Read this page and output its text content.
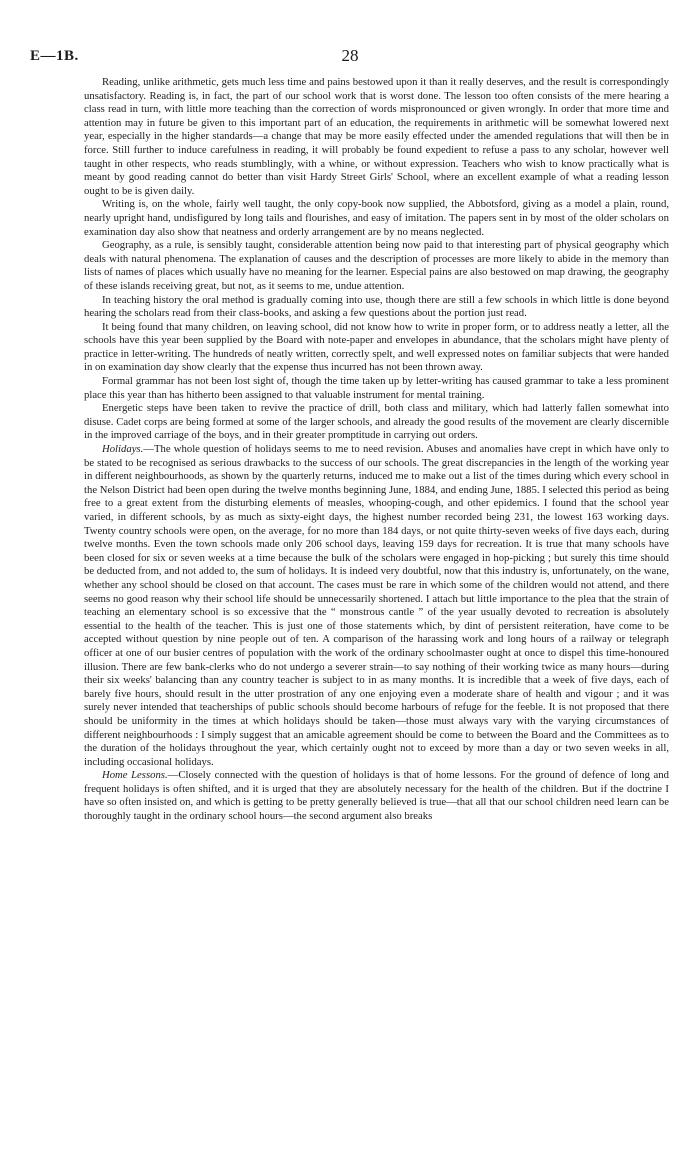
E—1B.	28

Reading, unlike arithmetic, gets much less time and pains bestowed upon it than it really deserves, and the result is correspondingly unsatisfactory. Reading is, in fact, the part of our school work that is worst done. The lesson too often consists of the mere hearing a class read in turn, with little more teaching than the correction of words mispronounced or given wrongly. In order that more time and attention may in future be given to this important part of an education, the requirements in arithmetic will be somewhat lowered next year, especially in the higher standards—a change that may be more easily effected under the amended regulations that will then be in force. Still further to induce carefulness in reading, it will probably be found expedient to refuse a pass to any scholar, however well taught in other respects, who reads stumblingly, with a whine, or without expression. Teachers who wish to know practically what is meant by good reading cannot do better than visit Hardy Street Girls' School, where an excellent example of what a reading lesson ought to be is given daily.

Writing is, on the whole, fairly well taught, the only copy-book now supplied, the Abbotsford, giving as a model a plain, round, nearly upright hand, undisfigured by long tails and flourishes, and easy of imitation. The papers sent in by most of the older scholars on examination day also show that neatness and orderly arrangement are by no means neglected.

Geography, as a rule, is sensibly taught, considerable attention being now paid to that interesting part of physical geography which deals with natural phenomena. The explanation of causes and the description of processes are more likely to abide in the memory than lists of names of places which usually have no meaning for the learner. Especial pains are also bestowed on map drawing, the geography of these islands receiving great, but not, as it seems to me, undue attention.

In teaching history the oral method is gradually coming into use, though there are still a few schools in which little is done beyond hearing the scholars read from their class-books, and asking a few questions about the portion just read.

It being found that many children, on leaving school, did not know how to write in proper form, or to address neatly a letter, all the schools have this year been supplied by the Board with note-paper and envelopes in abundance, that the scholars might have plenty of practice in letter-writing. The hundreds of neatly written, correctly spelt, and well expressed notes on familiar subjects that were handed in on examination day show clearly that the expense thus incurred has not been thrown away.

Formal grammar has not been lost sight of, though the time taken up by letter-writing has caused grammar to take a less prominent place this year than has hitherto been assigned to that valuable instrument for mental training.

Energetic steps have been taken to revive the practice of drill, both class and military, which had latterly fallen somewhat into disuse. Cadet corps are being formed at some of the larger schools, and already the good results of the movement are clearly discernible in the improved carriage of the boys, and in their greater promptitude in carrying out orders.

Holidays.—The whole question of holidays seems to me to need revision. Abuses and anomalies have crept in which have only to be stated to be recognised as serious drawbacks to the success of our schools. The great discrepancies in the length of the working year in different neighbourhoods, as shown by the quarterly returns, induced me to make out a list of the times during which every school in the Nelson District had been open during the twelve months beginning June, 1884, and ending June, 1885. I selected this period as being free to a great extent from the disturbing elements of measles, whooping-cough, and other epidemics. I found that the school year varied, in different schools, by as much as sixty-eight days, the highest number recorded being 231, the lowest 163 working days. Twenty country schools were open, on the average, for no more than 184 days, or not quite thirty-seven weeks of five days each, during twelve months. Even the town schools made only 206 school days, leaving 159 days for recreation. It is true that many schools have been closed for six or seven weeks at a time because the bulk of the scholars were engaged in hop-picking ; but surely this time should be deducted from, and not added to, the sum of holidays. It is indeed very doubtful, now that this industry is, unfortunately, on the wane, whether any school should be closed on that account. The cases must be rare in which some of the children would not attend, and there seems no good reason why their school life should be unnecessarily shortened. I attach but little importance to the plea that the strain of teaching an elementary school is so excessive that the “ monstrous cantle ” of the year usually devoted to recreation is absolutely essential to the health of the teacher. This is just one of those statements which, by dint of persistent reiteration, have come to be accepted without question by nine people out of ten. A comparison of the harassing work and long hours of a railway or telegraph officer at one of our busier centres of population with the work of the ordinary schoolmaster ought at once to dispel this time-honoured illusion. There are few bank-clerks who do not undergo a severer strain—to say nothing of their working twice as many hours—during their six weeks' balancing than any country teacher is subject to in as many months. It is incredible that a week of five days, each of barely five hours, should result in the utter prostration of any one enjoying even a moderate share of health and vigour ; and it was surely never intended that teacherships of public schools should become harbours of refuge for the feeble. It is not proposed that there should be uniformity in the times at which holidays should be taken—those must always vary with the varying circumstances of different neighbourhoods : I simply suggest that an amicable agreement should be come to between the Board and the Committees as to the duration of the holidays throughout the year, which certainly ought not to exceed by more than a day or two seven weeks in all, including occasional holidays.

Home Lessons.—Closely connected with the question of holidays is that of home lessons. For the ground of defence of long and frequent holidays is often shifted, and it is urged that they are absolutely necessary for the health of the children. But if the doctrine I have so often insisted on, and which is getting to be pretty generally believed is true—that all that our school children need learn can be thoroughly taught in the ordinary school hours—the second argument also breaks
